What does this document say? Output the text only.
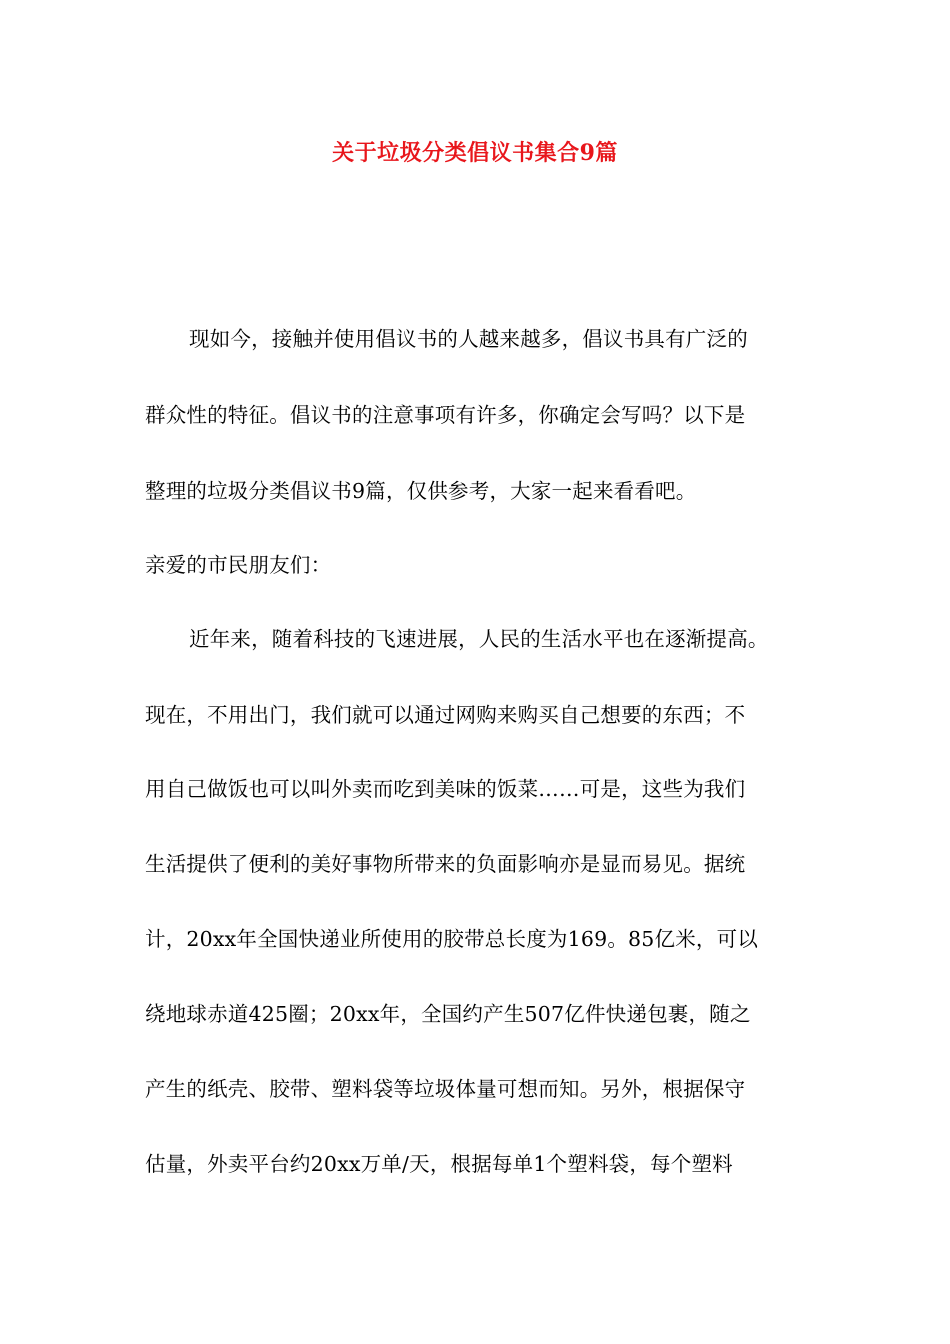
关于垃圾分类倡议书集合9篇
现如今，接触并使用倡议书的人越来越多，倡议书具有广泛的
群众性的特征。倡议书的注意事项有许多，你确定会写吗？以下是
整理的垃圾分类倡议书9篇，仅供参考，大家一起来看看吧。
亲爱的市民朋友们：
近年来，随着科技的飞速进展，人民的生活水平也在逐渐提高。
现在，不用出门，我们就可以通过网购来购买自己想要的东西；不
用自己做饭也可以叫外卖而吃到美味的饭菜……可是，这些为我们
生活提供了便利的美好事物所带来的负面影响亦是显而易见。据统
计，20xx年全国快递业所使用的胶带总长度为169。85亿米，可以
绕地球赤道425圈；20xx年，全国约产生507亿件快递包裹，随之
产生的纸壳、胶带、塑料袋等垃圾体量可想而知。另外，根据保守
估量，外卖平台约20xx万单/天，根据每单1个塑料袋，每个塑料
